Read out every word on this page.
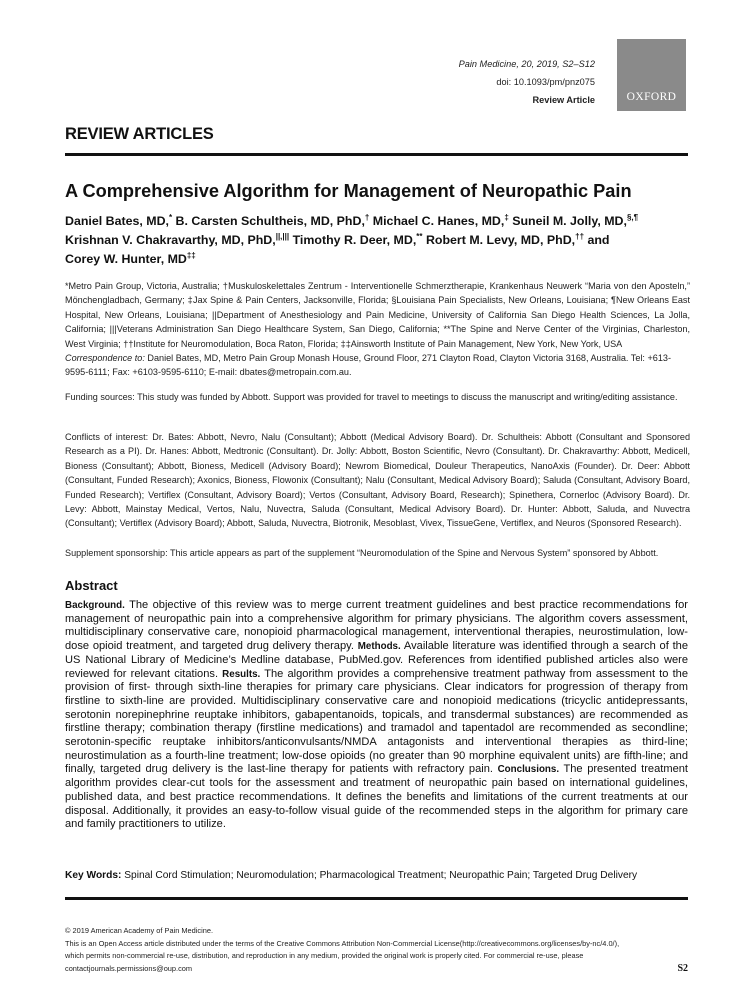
Pain Medicine, 20, 2019, S2–S12
doi: 10.1093/pm/pnz075
Review Article	OXFORD
REVIEW ARTICLES
A Comprehensive Algorithm for Management of Neuropathic Pain
Daniel Bates, MD,* B. Carsten Schultheis, MD, PhD,† Michael C. Hanes, MD,‡ Suneil M. Jolly, MD,§,¶
Krishnan V. Chakravarthy, MD, PhD,||,||| Timothy R. Deer, MD,** Robert M. Levy, MD, PhD,†† and
Corey W. Hunter, MD‡‡
*Metro Pain Group, Victoria, Australia; †Muskuloskelettales Zentrum - Interventionelle Schmerztherapie, Krankenhaus Neuwerk “Maria von den Aposteln,” Mönchengladbach, Germany; ‡Jax Spine & Pain Centers, Jacksonville, Florida; §Louisiana Pain Specialists, New Orleans, Louisiana; ¶New Orleans East Hospital, New Orleans, Louisiana; ||Department of Anesthesiology and Pain Medicine, University of California San Diego Health Sciences, La Jolla, California; |||Veterans Administration San Diego Healthcare System, San Diego, California; **The Spine and Nerve Center of the Virginias, Charleston, West Virginia; ††Institute for Neuromodulation, Boca Raton, Florida; ‡‡Ainsworth Institute of Pain Management, New York, New York, USA
Correspondence to: Daniel Bates, MD, Metro Pain Group Monash House, Ground Floor, 271 Clayton Road, Clayton Victoria 3168, Australia. Tel: +613-9595-6111; Fax: +6103-9595-6110; E-mail: dbates@metropain.com.au.
Funding sources: This study was funded by Abbott. Support was provided for travel to meetings to discuss the manuscript and writing/editing assistance.
Conflicts of interest: Dr. Bates: Abbott, Nevro, Nalu (Consultant); Abbott (Medical Advisory Board). Dr. Schultheis: Abbott (Consultant and Sponsored Research as a PI). Dr. Hanes: Abbott, Medtronic (Consultant). Dr. Jolly: Abbott, Boston Scientific, Nevro (Consultant). Dr. Chakravarthy: Abbott, Medicell, Bioness (Consultant); Abbott, Bioness, Medicell (Advisory Board); Newrom Biomedical, Douleur Therapeutics, NanoAxis (Founder). Dr. Deer: Abbott (Consultant, Funded Research); Axonics, Bioness, Flowonix (Consultant); Nalu (Consultant, Medical Advisory Board); Saluda (Consultant, Advisory Board, Funded Research); Vertiflex (Consultant, Advisory Board); Vertos (Consultant, Advisory Board, Research); Spinethera, Cornerloc (Advisory Board). Dr. Levy: Abbott, Mainstay Medical, Vertos, Nalu, Nuvectra, Saluda (Consultant, Medical Advisory Board). Dr. Hunter: Abbott, Saluda, and Nuvectra (Consultant); Vertiflex (Advisory Board); Abbott, Saluda, Nuvectra, Biotronik, Mesoblast, Vivex, TissueGene, Vertiflex, and Neuros (Sponsored Research).
Supplement sponsorship: This article appears as part of the supplement “Neuromodulation of the Spine and Nervous System” sponsored by Abbott.
Abstract
Background. The objective of this review was to merge current treatment guidelines and best practice recommendations for management of neuropathic pain into a comprehensive algorithm for primary physicians. The algorithm covers assessment, multidisciplinary conservative care, nonopioid pharmacological management, interventional therapies, neurostimulation, low-dose opioid treatment, and targeted drug delivery therapy. Methods. Available literature was identified through a search of the US National Library of Medicine’s Medline database, PubMed.gov. References from identified published articles also were reviewed for relevant citations. Results. The algorithm provides a comprehensive treatment pathway from assessment to the provision of first- through sixth-line therapies for primary care physicians. Clear indicators for progression of therapy from firstline to sixth-line are provided. Multidisciplinary conservative care and nonopioid medications (tricyclic antidepressants, serotonin norepinephrine reuptake inhibitors, gabapentanoids, topicals, and transdermal substances) are recommended as firstline therapy; combination therapy (firstline medications) and tramadol and tapentadol are recommended as secondline; serotonin-specific reuptake inhibitors/anticonvulsants/NMDA antagonists and interventional therapies as third-line; neurostimulation as a fourth-line treatment; low-dose opioids (no greater than 90 morphine equivalent units) are fifth-line; and finally, targeted drug delivery is the last-line therapy for patients with refractory pain. Conclusions. The presented treatment algorithm provides clear-cut tools for the assessment and treatment of neuropathic pain based on international guidelines, published data, and best practice recommendations. It defines the benefits and limitations of the current treatments at our disposal. Additionally, it provides an easy-to-follow visual guide of the recommended steps in the algorithm for primary care and family practitioners to utilize.
Key Words: Spinal Cord Stimulation; Neuromodulation; Pharmacological Treatment; Neuropathic Pain; Targeted Drug Delivery
© 2019 American Academy of Pain Medicine.
This is an Open Access article distributed under the terms of the Creative Commons Attribution Non-Commercial License(http://creativecommons.org/licenses/by-nc/4.0/),
which permits non-commercial re-use, distribution, and reproduction in any medium, provided the original work is properly cited. For commercial re-use, please
contactjournals.permissions@oup.com	S2
